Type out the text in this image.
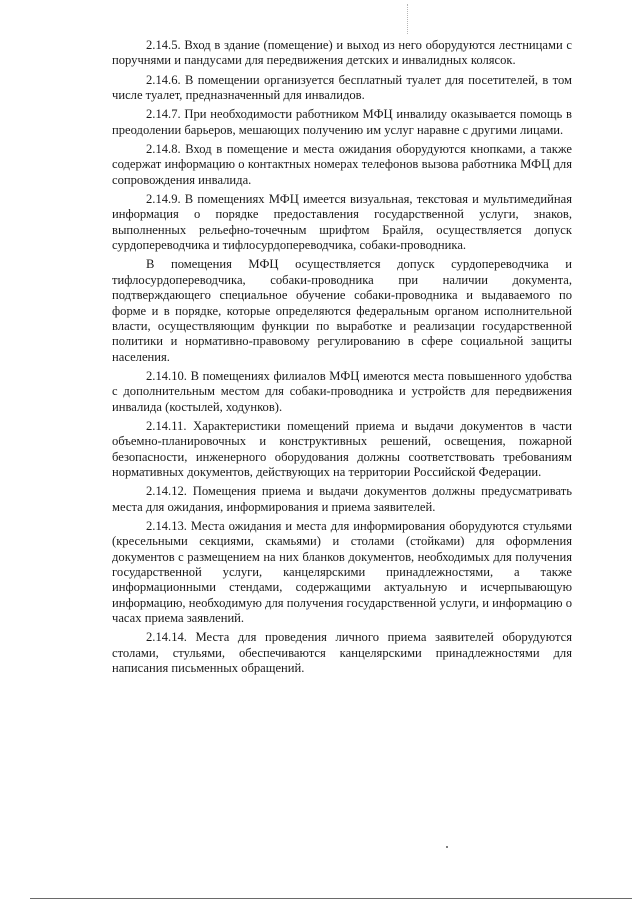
2.14.5. Вход в здание (помещение) и выход из него оборудуются лестницами с поручнями и пандусами для передвижения детских и инвалидных колясок.

2.14.6. В помещении организуется бесплатный туалет для посетителей, в том числе туалет, предназначенный для инвалидов.

2.14.7. При необходимости работником МФЦ инвалиду оказывается помощь в преодолении барьеров, мешающих получению им услуг наравне с другими лицами.

2.14.8. Вход в помещение и места ожидания оборудуются кнопками, а также содержат информацию о контактных номерах телефонов вызова работника МФЦ для сопровождения инвалида.

2.14.9. В помещениях МФЦ имеется визуальная, текстовая и мультимедийная информация о порядке предоставления государственной услуги, знаков, выполненных рельефно-точечным шрифтом Брайля, осуществляется допуск сурдопереводчика и тифлосурдопереводчика, собаки-проводника.

В помещения МФЦ осуществляется допуск сурдопереводчика и тифлосурдопереводчика, собаки-проводника при наличии документа, подтверждающего специальное обучение собаки-проводника и выдаваемого по форме и в порядке, которые определяются федеральным органом исполнительной власти, осуществляющим функции по выработке и реализации государственной политики и нормативно-правовому регулированию в сфере социальной защиты населения.

2.14.10. В помещениях филиалов МФЦ имеются места повышенного удобства с дополнительным местом для собаки-проводника и устройств для передвижения инвалида (костылей, ходунков).

2.14.11. Характеристики помещений приема и выдачи документов в части объемно-планировочных и конструктивных решений, освещения, пожарной безопасности, инженерного оборудования должны соответствовать требованиям нормативных документов, действующих на территории Российской Федерации.

2.14.12. Помещения приема и выдачи документов должны предусматривать места для ожидания, информирования и приема заявителей.

2.14.13. Места ожидания и места для информирования оборудуются стульями (кресельными секциями, скамьями) и столами (стойками) для оформления документов с размещением на них бланков документов, необходимых для получения государственной услуги, канцелярскими принадлежностями, а также информационными стендами, содержащими актуальную и исчерпывающую информацию, необходимую для получения государственной услуги, и информацию о часах приема заявлений.

2.14.14. Места для проведения личного приема заявителей оборудуются столами, стульями, обеспечиваются канцелярскими принадлежностями для написания письменных обращений.
